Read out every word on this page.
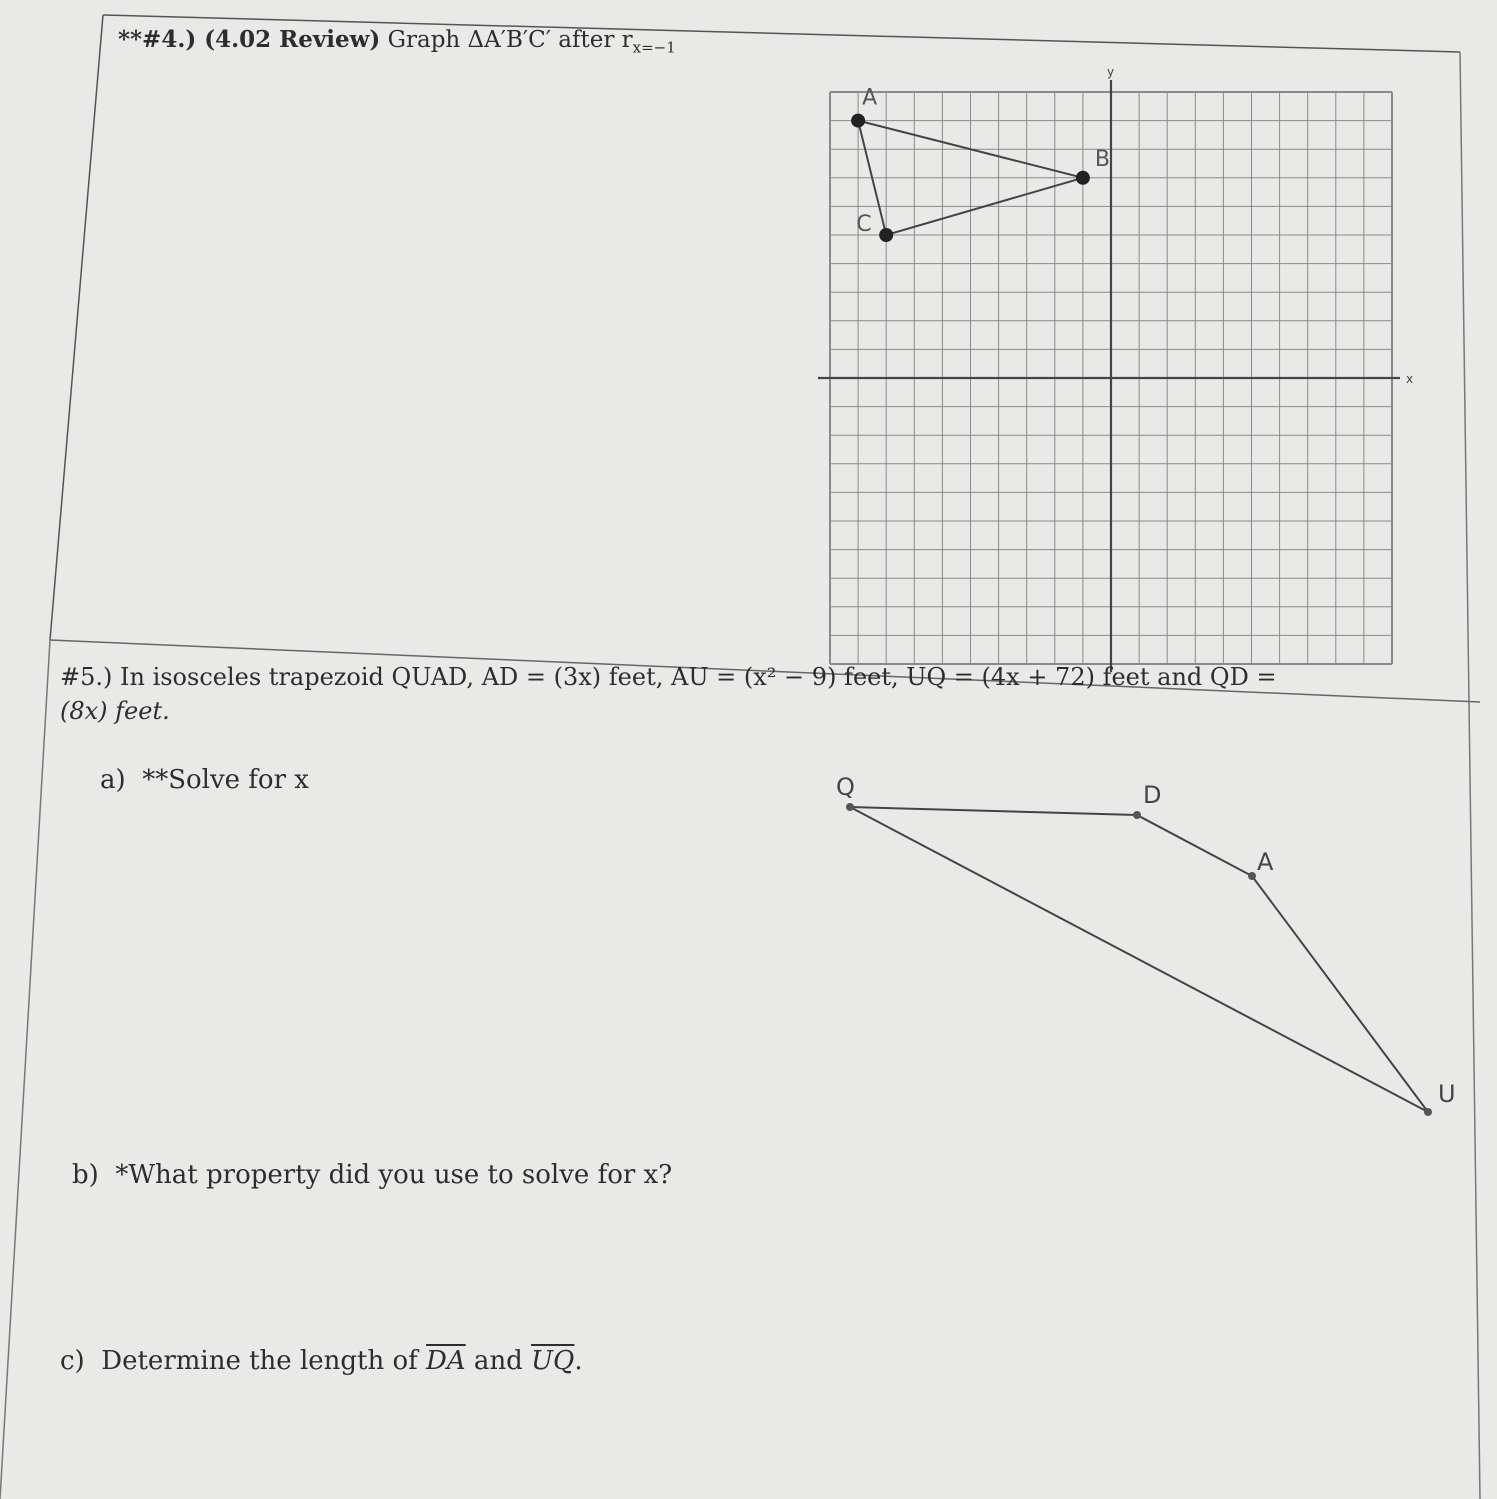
**#4.) (4.02 Review) Graph ΔA′B′C′ after $r_{x=-1}$
x
y
A
B
C
#5.) In isosceles trapezoid QUAD, AD = (3x) feet, AU = (x² − 9) feet, UQ = (4x + 72) feet and QD =
(8x) feet.
a) **Solve for x
b) *What property did you use to solve for x?
c) Determine the length of $\overline{DA}$ and $\overline{UQ}$.
Q	D
A
U
